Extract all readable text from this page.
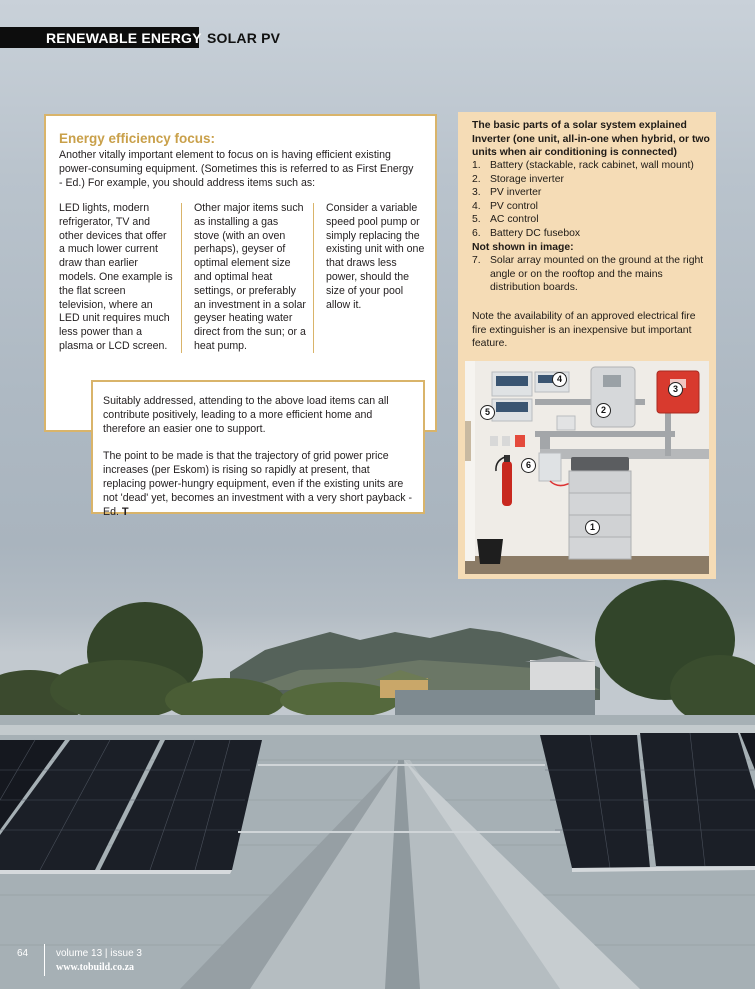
RENEWABLE ENERGY SOLAR PV
Energy efficiency focus:
Another vitally important element to focus on is having efficient existing power-consuming equipment. (Sometimes this is referred to as First Energy - Ed.) For example, you should address items such as:
LED lights, modern refrigerator, TV and other devices that offer a much lower current draw than earlier models. One example is the flat screen television, where an LED unit requires much less power than a plasma or LCD screen.
Other major items such as installing a gas stove (with an oven perhaps), geyser of optimal element size and optimal heat settings, or preferably an investment in a solar geyser heating water direct from the sun; or a heat pump.
Consider a variable speed pool pump or simply replacing the existing unit with one that draws less power, should the size of your pool allow it.
Suitably addressed, attending to the above load items can all contribute positively, leading to a more efficient home and therefore an easier one to support.
The point to be made is that the trajectory of grid power price increases (per Eskom) is rising so rapidly at present, that replacing power-hungry equipment, even if the existing units are not 'dead' yet, becomes an investment with a very short payback - Ed. T
The basic parts of a solar system explained
Inverter (one unit, all-in-one when hybrid, or two units when air conditioning is connected)
1. Battery (stackable, rack cabinet, wall mount)
2. Storage inverter
3. PV inverter
4. PV control
5. AC control
6. Battery DC fusebox
Not shown in image:
7. Solar array mounted on the ground at the right angle or on the rooftop and the mains distribution boards.
Note the availability of an approved electrical fire fire extinguisher is an inexpensive but important feature.
4
2
3
5
6
1
64	volume 13 | issue 3
www.tobuild.co.za
